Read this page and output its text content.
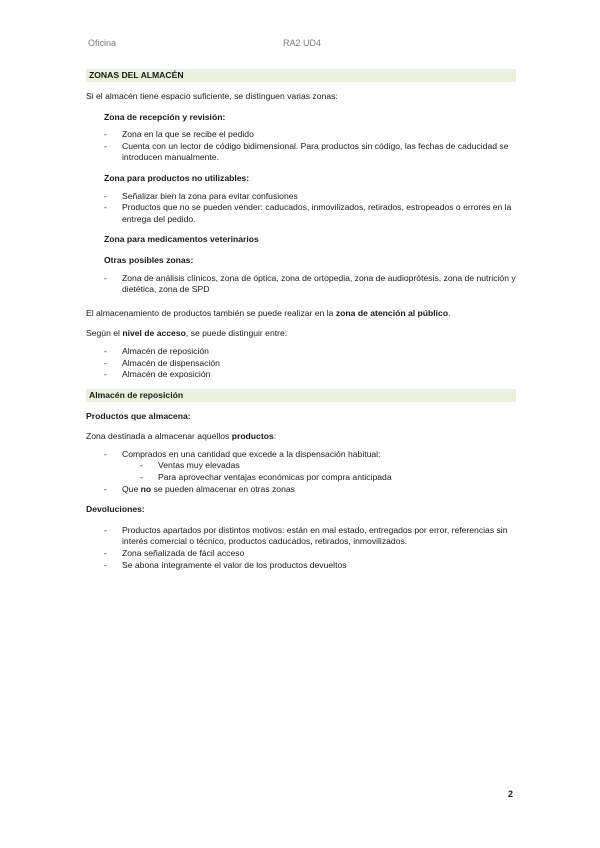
Oficina	RA2 UD4
ZONAS DEL ALMACÉN

Si el almacén tiene espacio suficiente, se distinguen varias zonas:

Zona de recepción y revisión:

- Zona en la que se recibe el pedido
- Cuenta con un lector de código bidimensional. Para productos sin código, las fechas de caducidad se introducen manualmente.

Zona para productos no utilizables:

- Señalizar bien la zona para evitar confusiones
- Productos que no se pueden vender: caducados, inmovilizados, retirados, estropeados o errores en la entrega del pedido.

Zona para medicamentos veterinarios

Otras posibles zonas:

- Zona de análisis clínicos, zona de óptica, zona de ortopedia, zona de audioprótesis, zona de nutrición y dietética, zona de SPD

El almacenamiento de productos también se puede realizar en la zona de atención al público.

Según el nivel de acceso, se puede distinguir entre:

- Almacén de reposición
- Almacén de dispensación
- Almacén de exposición
Almacén de reposición

Productos que almacena:

Zona destinada a almacenar aquellos productos:

- Comprados en una cantidad que excede a la dispensación habitual:
- Ventas muy elevadas
- Para aprovechar ventajas económicas por compra anticipada
- Que no se pueden almacenar en otras zonas

Devoluciones:

- Productos apartados por distintos motivos: están en mal estado, entregados por error, referencias sin interés comercial o técnico, productos caducados, retirados, inmovilizados.
- Zona señalizada de fácil acceso
- Se abona íntegramente el valor de los productos devueltos
2
